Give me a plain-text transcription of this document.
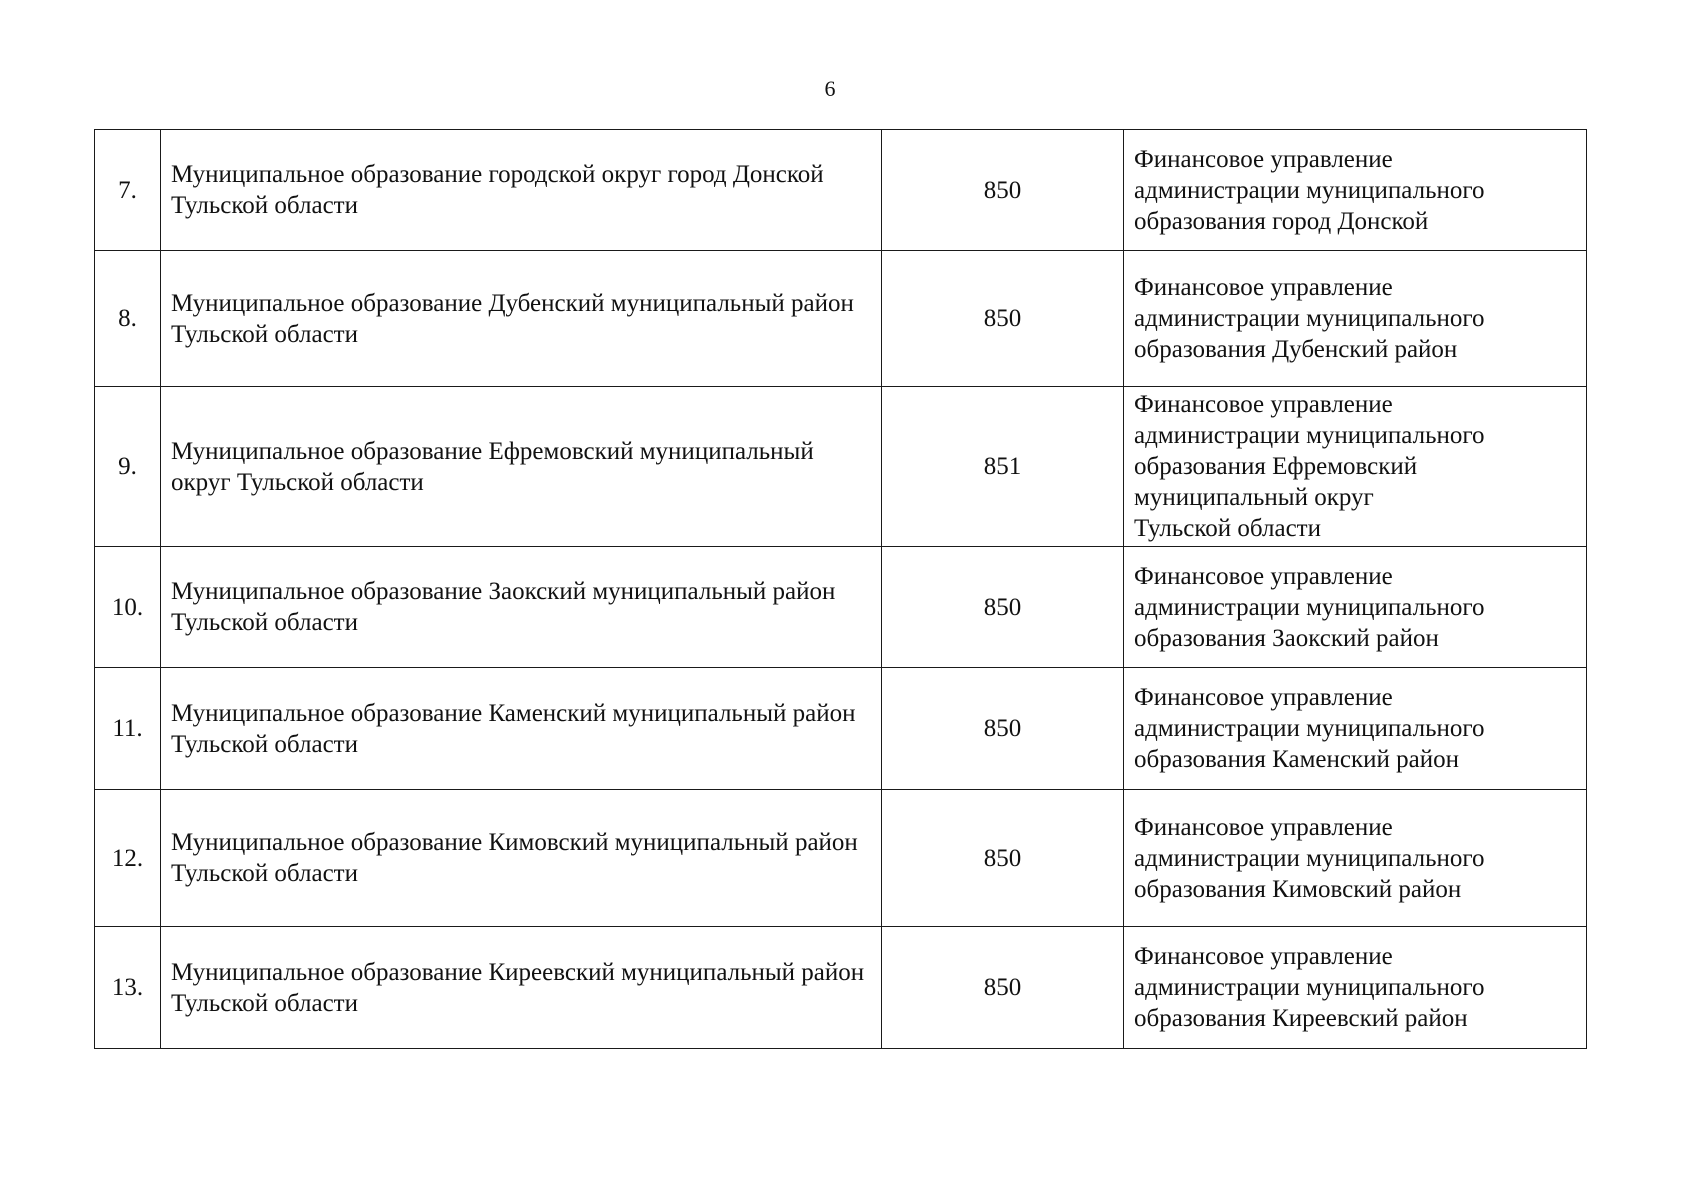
6
7.	Муниципальное образование городской округ город Донской Тульской области	850	Финансовое управление
администрации муниципального
образования город Донской

8.	Муниципальное образование Дубенский муниципальный район Тульской области	850	Финансовое управление
администрации муниципального
образования Дубенский район

9.	Муниципальное образование Ефремовский муниципальный округ Тульской области	851	Финансовое управление
администрации муниципального
образования Ефремовский
муниципальный округ
Тульской области

10.	Муниципальное образование Заокский муниципальный район Тульской области	850	Финансовое управление
администрации муниципального
образования Заокский район

11.	Муниципальное образование Каменский муниципальный район Тульской области	850	Финансовое управление
администрации муниципального
образования Каменский район

12.	Муниципальное образование Кимовский муниципальный район Тульской области	850	Финансовое управление
администрации муниципального
образования Кимовский район

13.	Муниципальное образование Киреевский муниципальный район Тульской области	850	Финансовое управление
администрации муниципального
образования Киреевский район
